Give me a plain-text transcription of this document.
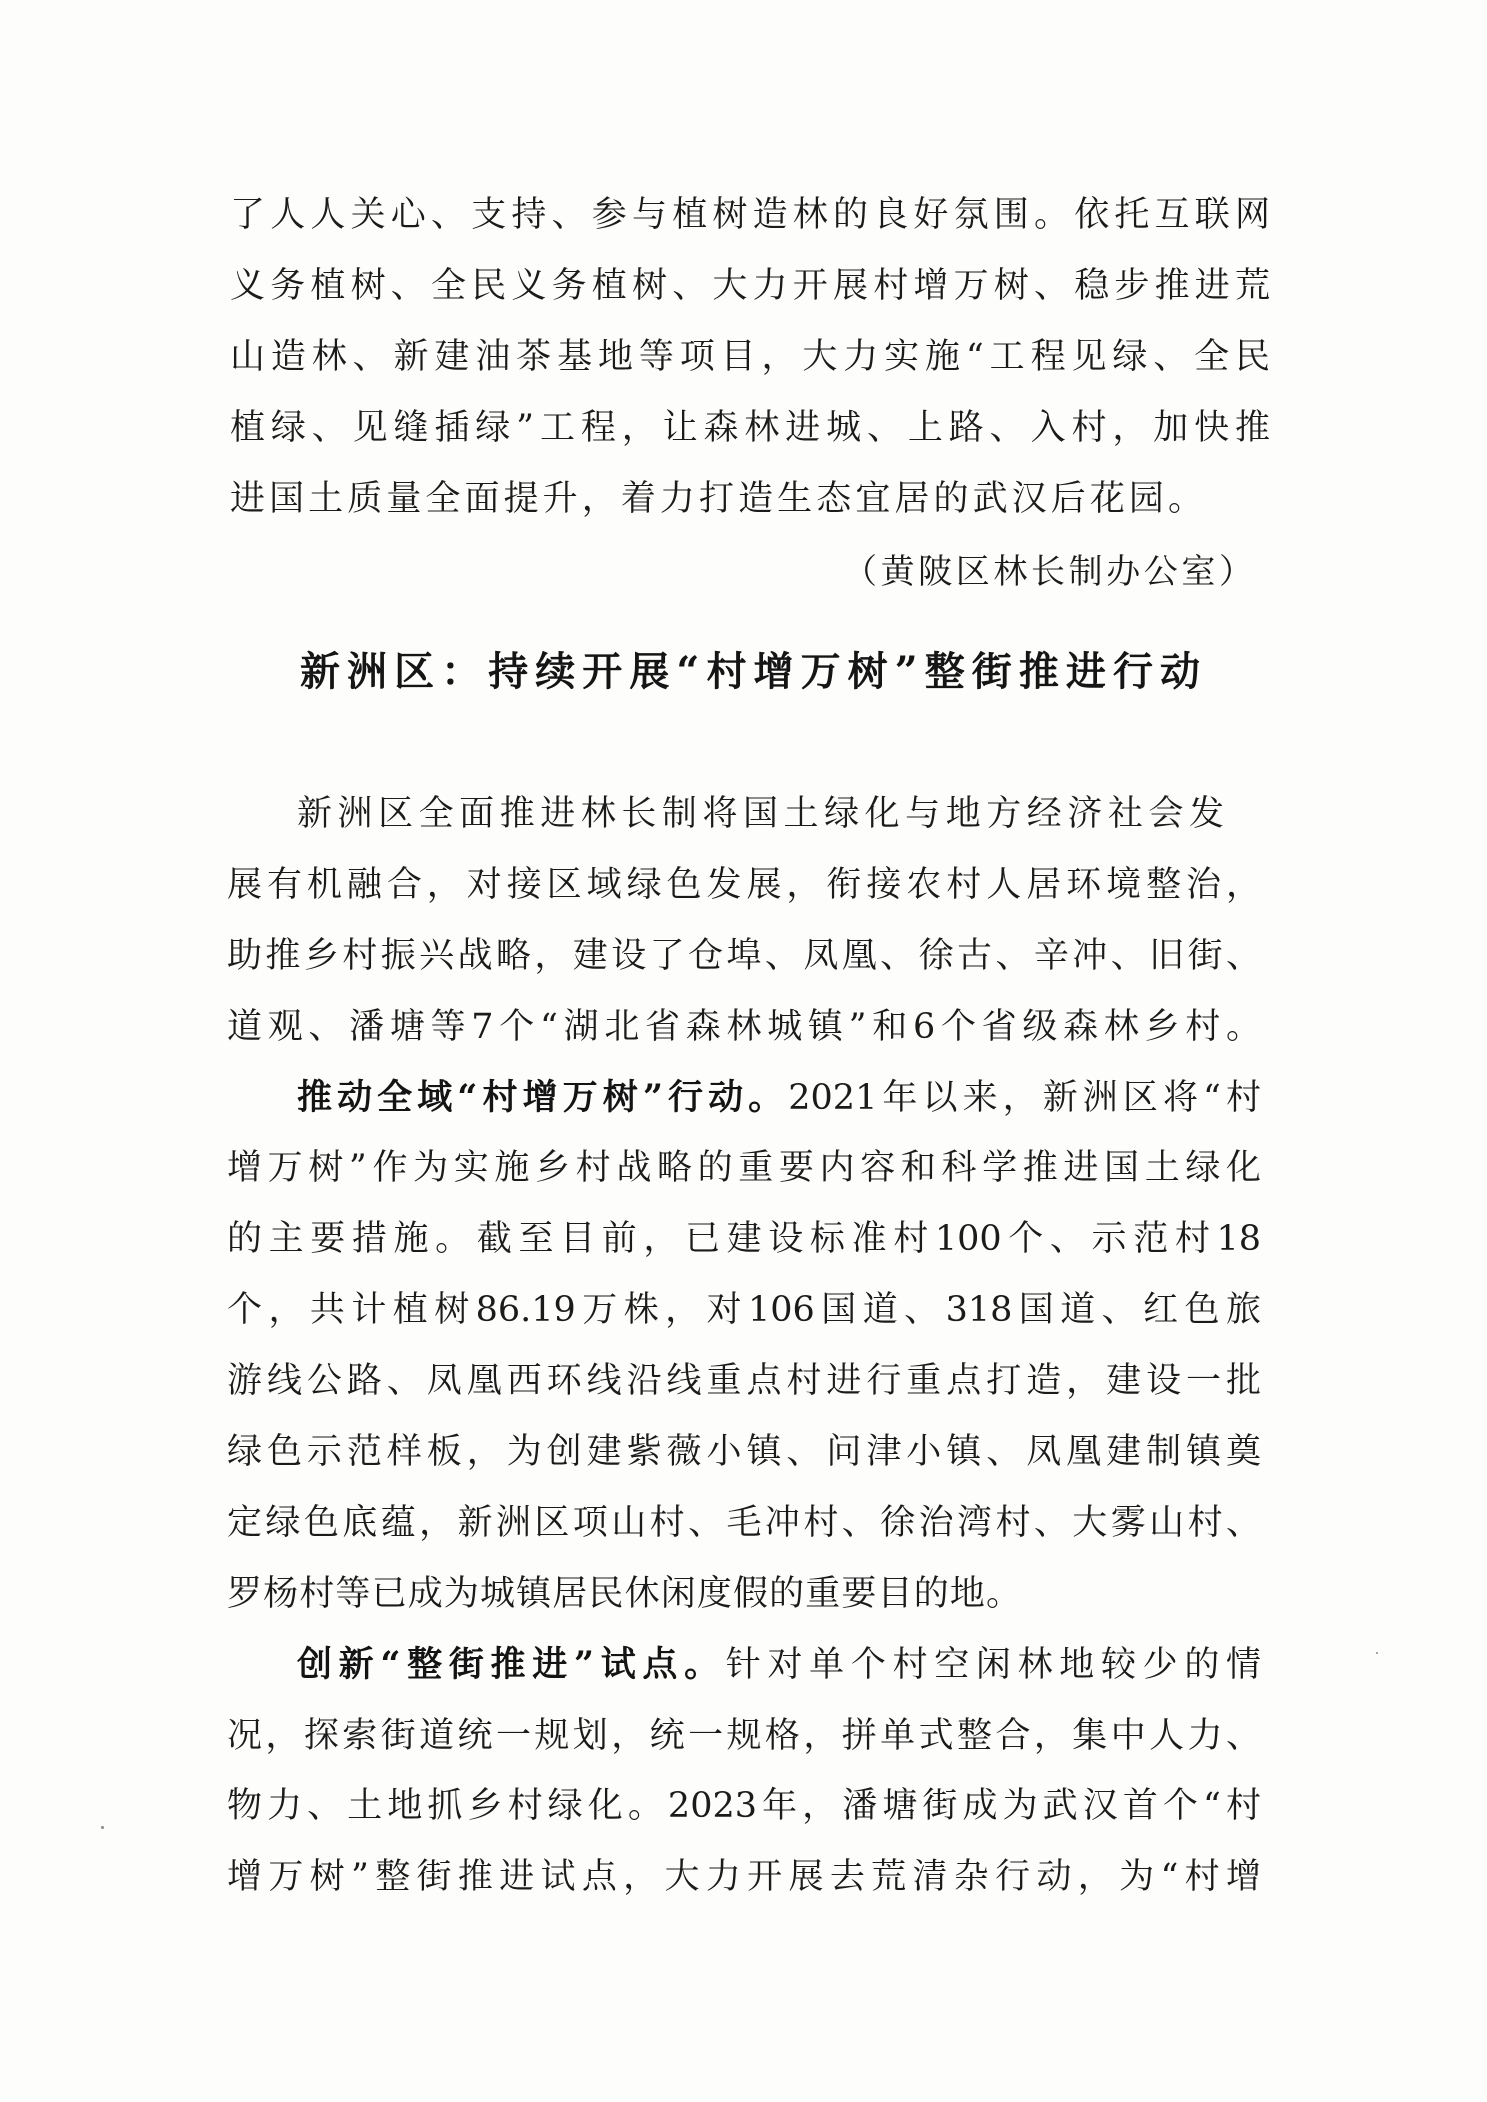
了人人关心、支持、参与植树造林的良好氛围。依托互联网
义务植树、全民义务植树、大力开展村增万树、稳步推进荒
山造林、新建油茶基地等项目，大力实施“工程见绿、全民
植绿、见缝插绿”工程，让森林进城、上路、入村，加快推
进国土质量全面提升，着力打造生态宜居的武汉后花园。
（黄陂区林长制办公室）
新洲区：持续开展“村增万树”整街推进行动
新洲区全面推进林长制将国土绿化与地方经济社会发
展有机融合，对接区域绿色发展，衔接农村人居环境整治，
助推乡村振兴战略，建设了仓埠、凤凰、徐古、辛冲、旧街、
道观、潘塘等7个“湖北省森林城镇”和6个省级森林乡村。
推动全域“村增万树”行动。2021年以来，新洲区将“村
增万树”作为实施乡村战略的重要内容和科学推进国土绿化
的主要措施。截至目前，已建设标准村100个、示范村18
个，共计植树86.19万株，对106国道、318国道、红色旅
游线公路、凤凰西环线沿线重点村进行重点打造，建设一批
绿色示范样板，为创建紫薇小镇、问津小镇、凤凰建制镇奠
定绿色底蕴，新洲区项山村、毛冲村、徐治湾村、大雾山村、
罗杨村等已成为城镇居民休闲度假的重要目的地。
创新“整街推进”试点。针对单个村空闲林地较少的情
况，探索街道统一规划，统一规格，拼单式整合，集中人力、
物力、土地抓乡村绿化。2023年，潘塘街成为武汉首个“村
增万树”整街推进试点，大力开展去荒清杂行动，为“村增
